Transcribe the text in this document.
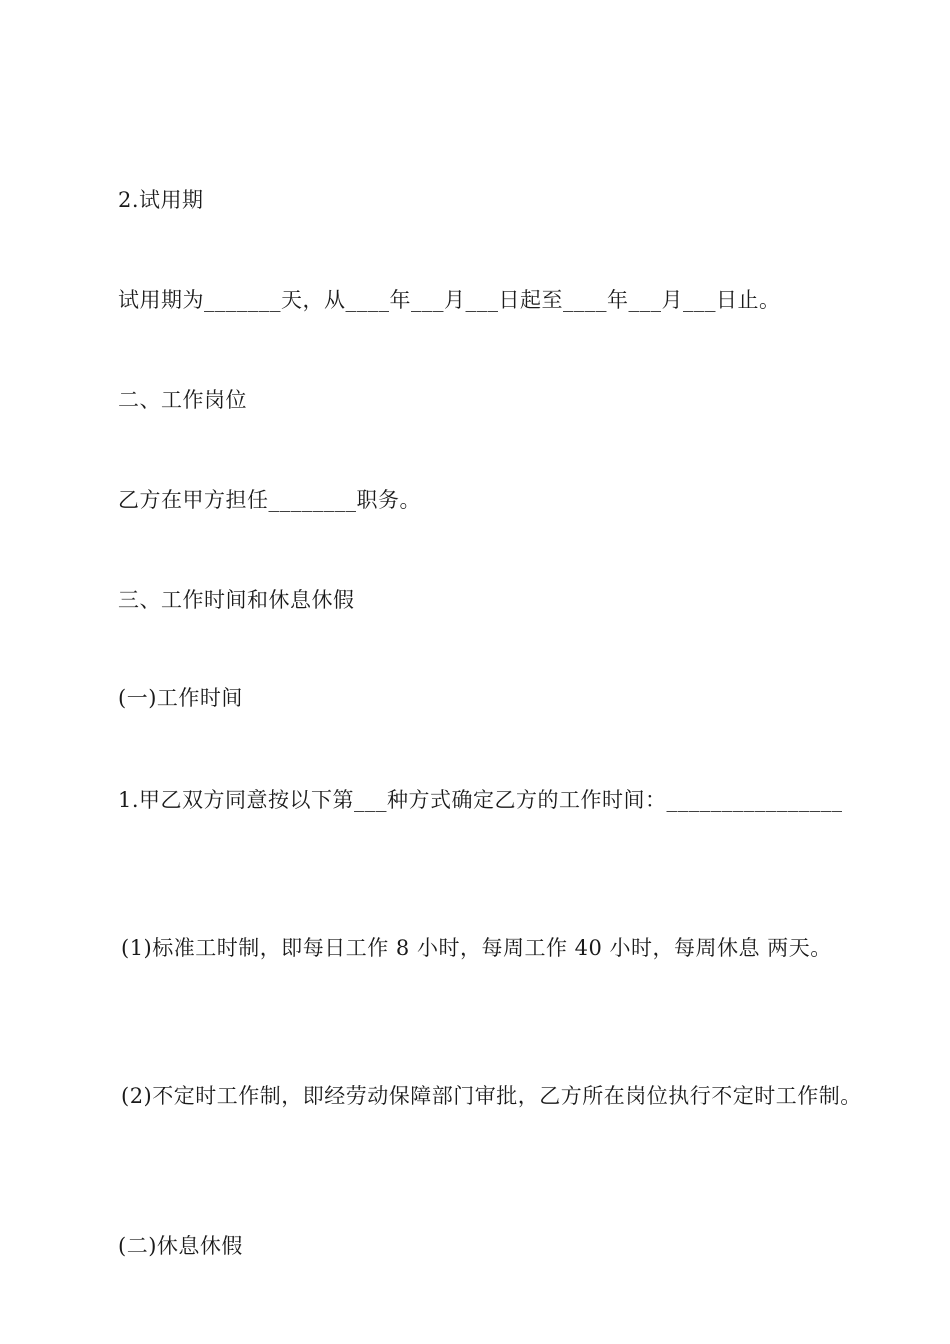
2.试用期
试用期为_______天，从____年___月___日起至____年___月___日止。
二、工作岗位
乙方在甲方担任________职务。
三、工作时间和休息休假
(一)工作时间
1.甲乙双方同意按以下第___种方式确定乙方的工作时间：________________
(1)标准工时制，即每日工作 8 小时，每周工作 40 小时，每周休息 两天。
(2)不定时工作制，即经劳动保障部门审批，乙方所在岗位执行不定时工作制。
(二)休息休假
